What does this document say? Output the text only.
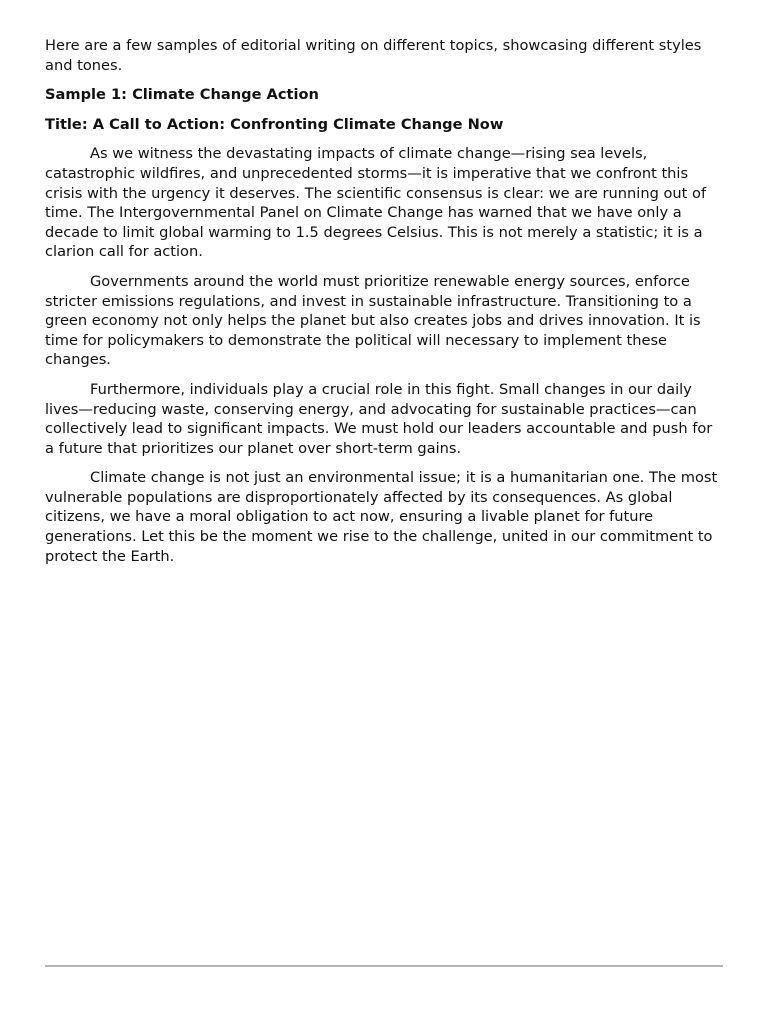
Here are a few samples of editorial writing on different topics, showcasing different styles and tones.

Sample 1: Climate Change Action

Title: A Call to Action: Confronting Climate Change Now

As we witness the devastating impacts of climate change—rising sea levels, catastrophic wildfires, and unprecedented storms—it is imperative that we confront this crisis with the urgency it deserves. The scientific consensus is clear: we are running out of time. The Intergovernmental Panel on Climate Change has warned that we have only a decade to limit global warming to 1.5 degrees Celsius. This is not merely a statistic; it is a clarion call for action.

Governments around the world must prioritize renewable energy sources, enforce stricter emissions regulations, and invest in sustainable infrastructure. Transitioning to a green economy not only helps the planet but also creates jobs and drives innovation. It is time for policymakers to demonstrate the political will necessary to implement these changes.

Furthermore, individuals play a crucial role in this fight. Small changes in our daily lives—reducing waste, conserving energy, and advocating for sustainable practices—can collectively lead to significant impacts. We must hold our leaders accountable and push for a future that prioritizes our planet over short-term gains.

Climate change is not just an environmental issue; it is a humanitarian one. The most vulnerable populations are disproportionately affected by its consequences. As global citizens, we have a moral obligation to act now, ensuring a livable planet for future generations. Let this be the moment we rise to the challenge, united in our commitment to protect the Earth.
